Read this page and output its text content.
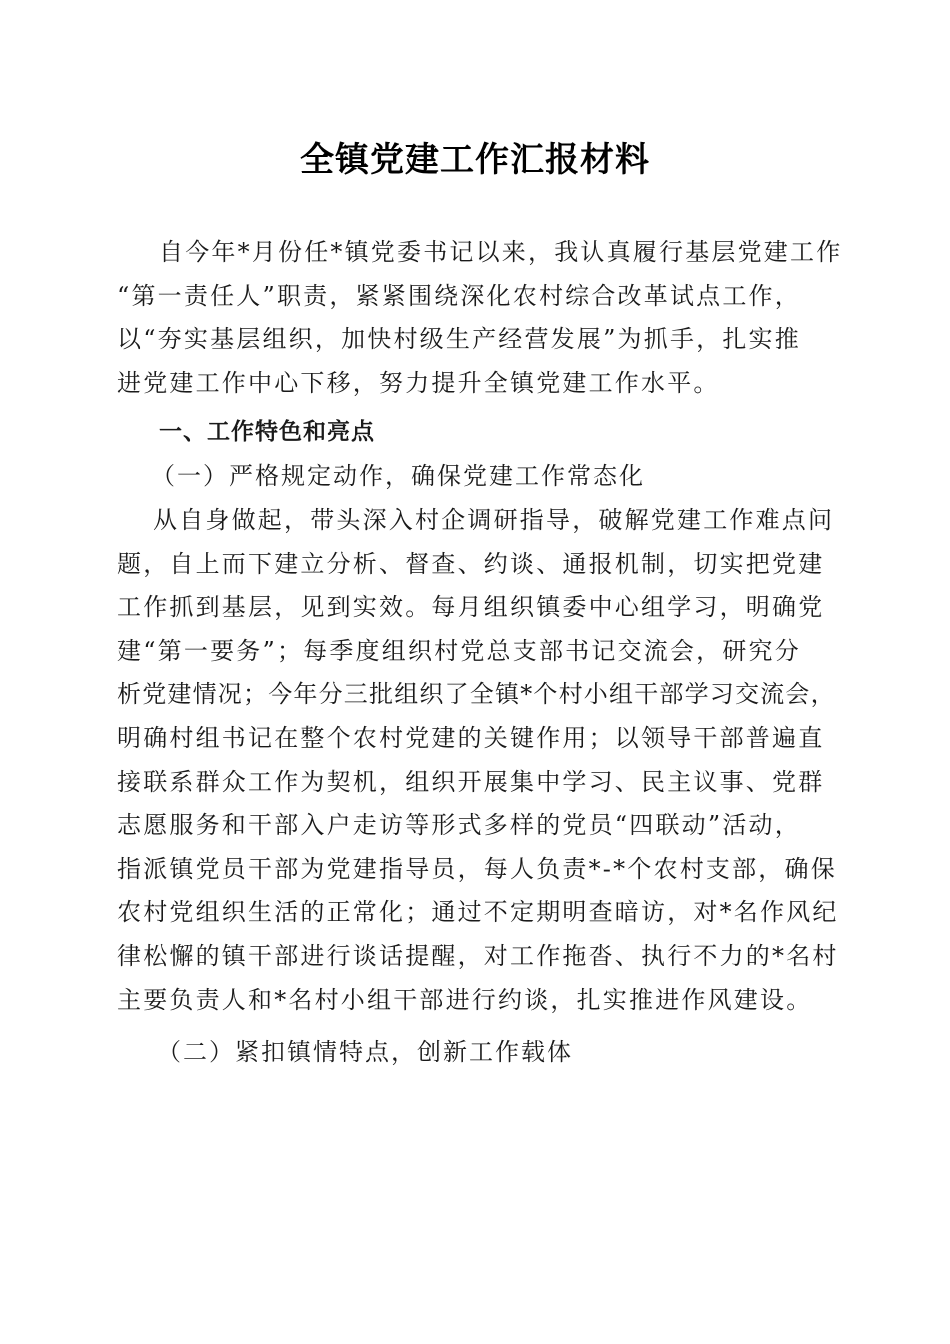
全镇党建工作汇报材料
自今年*月份任*镇党委书记以来，我认真履行基层党建工作
“第一责任人”职责，紧紧围绕深化农村综合改革试点工作，
以“夯实基层组织，加快村级生产经营发展”为抓手，扎实推
进党建工作中心下移，努力提升全镇党建工作水平。
一、工作特色和亮点
（一）严格规定动作，确保党建工作常态化
从自身做起，带头深入村企调研指导，破解党建工作难点问
题，自上而下建立分析、督查、约谈、通报机制，切实把党建
工作抓到基层，见到实效。每月组织镇委中心组学习，明确党
建“第一要务”；每季度组织村党总支部书记交流会，研究分
析党建情况；今年分三批组织了全镇*个村小组干部学习交流会，
明确村组书记在整个农村党建的关键作用；以领导干部普遍直
接联系群众工作为契机，组织开展集中学习、民主议事、党群
志愿服务和干部入户走访等形式多样的党员“四联动”活动，
指派镇党员干部为党建指导员，每人负责*-*个农村支部，确保
农村党组织生活的正常化；通过不定期明查暗访，对*名作风纪
律松懈的镇干部进行谈话提醒，对工作拖沓、执行不力的*名村
主要负责人和*名村小组干部进行约谈，扎实推进作风建设。
（二）紧扣镇情特点，创新工作载体
